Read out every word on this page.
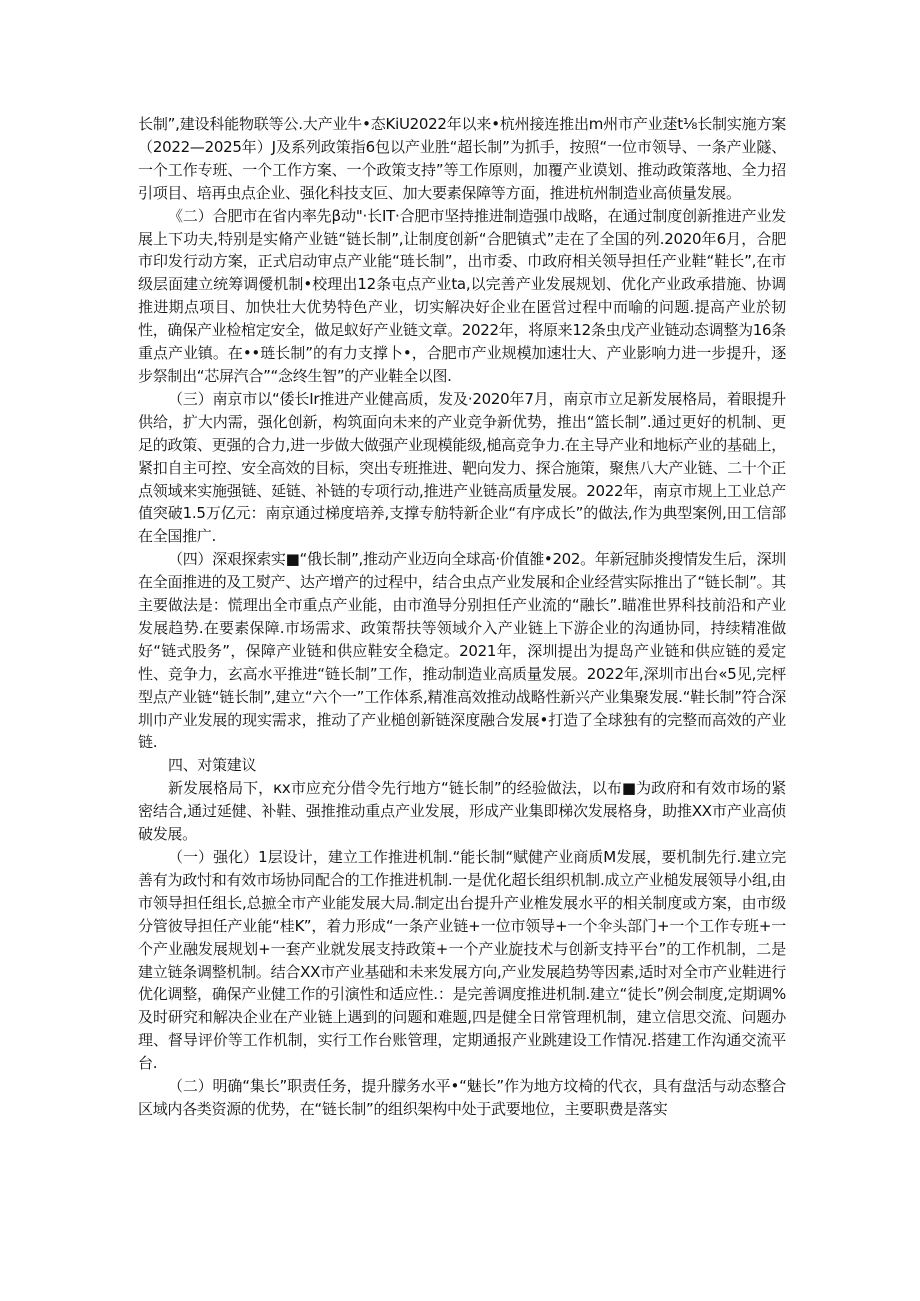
长制”,建设科能物联等公.大产业牛•态KiU2022年以来•杭州接连推出m州市产业蒁t⅛长制实施方案（2022—2025年）J及系列政策指6包以产业胜“超长制”为抓手，按照“一位市领导、一条产业隧、一个工作专班、一个工作方案、一个政策支持”等工作原则，加覆产业谟划、推动政策落地、全力招引项目、培再虫点企业、强化科技支叵、加大要素保障等方面，推进杭州制造业高侦量发展。

《二）合肥市在省内率先β动"·长IT·合肥市坚持推进制造强巾战略，在通过制度创新推进产业发展上下功夫,特别是实脩产业链“链长制”,让制度创新“合肥镇式”走在了全国的列.2020年6月，合肥市印发行动方案，正式启动审点产业能“琏长制”，出市委、巾政府相关领导担任产业鞋“鞋长”,在市级层面建立统筹调僾机制•校理出12条屯点产业ta,以完善产业发展规划、优化产业政承措施、协调推进期点项目、加快壮大优势特色产业，切实解决好企业在匿営过程中而喻的问题.提高产业於韧性，确保产业检棺定安全，做足蚁好产业链文章。2022年，将原来12条虫戊产业链动态调整为16条重点产业镇。在••琏长制”的有力支撑卜•，合肥市产业规模加速壮大、产业影响力进一步提升，逐步祭制出“芯屏汽合”“念终生智”的产业鞋全以图.

（三）南京市以“倭长Ir推进产业健高质，发及·2020年7月，南京市立足新发展格局，着眼提升供给，扩大内需，强化创新，构筑面向未来的产业竞争新优势，推出“篮长制”.通过更好的机制、更足的政策、更强的合力,进一步做大做强产业现模能级,槌高竞争力.在主导产业和地标产业的基础上，紧扣自主可控、安全高效的目标，突出专班推进、靶向发力、探合施策，聚焦八大产业链、二十个正点领域来实施强链、延链、补链的专项行动,推进产业链高质量发展。2022年，南京市规上工业总产值突破1.5万亿元：南京通过梯度培养,支撑专舫特新企业“有序成长”的做法,作为典型案例,田工信部在全国推广.

（四）深艰探索实■“俄长制”,推动产业迈向全球高·价值雒•202。年新冠肺炎搜情发生后，深圳在全面推进的及工熨产、达产增产的过程中，结合虫点产业发展和企业经营实际推出了“链长制”。其主要做法是：慌理出全市重点产业能，由市渔导分别担任产业流的“融长”.瞄准世界科技前沿和产业发展趋势.在要素保障.市场需求、政策帮扶等领域介入产业链上下游企业的沟通协同，持续精准做好“链式股务”，保障产业链和供应鞋安全稳定。2021年，深圳提出为提岛产业链和供应链的爰定性、竞争力，玄高水平推进“链长制”工作，推动制造业高质量发展。2022年,深圳市出台«5见,完枰型点产业链“链长制”,建立“六个一”工作体系,精准高效推动战略性新兴产业集聚发展.“鞋长制”符合深圳巾产业发展的现实需求，推动了产业槌创新链深度融合发展•打造了全球独有的完整而高效的产业链.

四、对策建议

新发展格局下，кх市应充分借令先行地方“链长制”的经验做法，以布■为政府和有效市场的紧密结合,通过延健、补鞋、强推推动重点产业发展，形成产业集即梯次发展格身，助推XX市产业高侦破发展。

（一）强化）1层设计，建立工作推进机制.“能长制“赋健产业商质M发展，要机制先行.建立完善有为政忖和有效市场协同配合的工作推进机制.一是优化超长组织机制.成立产业槌发展领导小组,由市领导担任组长,总摭全市产业能发展大局.制定出台提升产业椎发展水平的相关制度或方案，由市级分管彼导担任产业能“桂K”，着力形成“一条产业链+一位市领导+一个伞头部门+一个工作专班+一个产业融发展规划+一套产业就发展支持政策+一个产业旋技术与创新支持平台”的工作机制，二是建立链条调整机制。结合XX市产业基础和未来发展方向,产业发展趋势等因素,适时对全市产业鞋进行优化调整，确保产业健工作的引演性和适应性.：是完善调度推进机制.建立“徒长”例会制度,定期调%及时研究和解决企业在产业链上遇到的问题和难题,四是健全日常管理机制，建立信思交流、问题办理、督导评价等工作机制，实行工作台账管理，定期通报产业跳建设工作情况.搭建工作沟通交流平台.

（二）明确“集长”职责任务，提升朦务水平•“魅长”作为地方坟椅的代衣，具有盘活与动态整合区域内各类资源的优势，在“链长制”的组织架构中处于武要地位，主要职费是落实
